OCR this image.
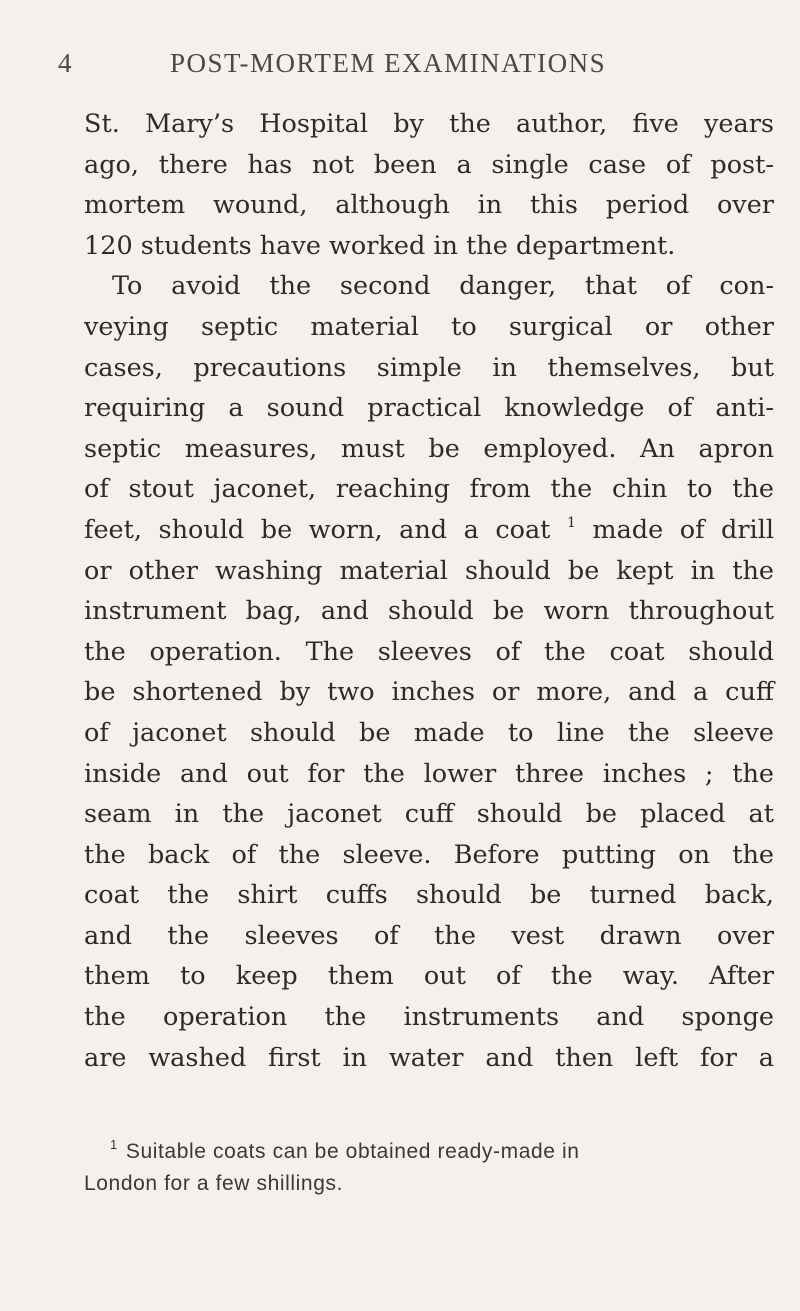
4	POST-MORTEM EXAMINATIONS
St. Mary’s Hospital by the author, five years
ago, there has not been a single case of post-
mortem wound, although in this period over
120 students have worked in the department.
To avoid the second danger, that of con-
veying septic material to surgical or other
cases, precautions simple in themselves, but
requiring a sound practical knowledge of anti-
septic measures, must be employed. An apron
of stout jaconet, reaching from the chin to the
feet, should be worn, and a coat $^1$ made of drill
or other washing material should be kept in the
instrument bag, and should be worn throughout
the operation. The sleeves of the coat should
be shortened by two inches or more, and a cuff
of jaconet should be made to line the sleeve
inside and out for the lower three inches ; the
seam in the jaconet cuff should be placed at
the back of the sleeve. Before putting on the
coat the shirt cuffs should be turned back,
and the sleeves of the vest drawn over
them to keep them out of the way. After
the operation the instruments and sponge
are washed first in water and then left for a
$^1$ Suitable coats can be obtained ready-made in
London for a few shillings.
